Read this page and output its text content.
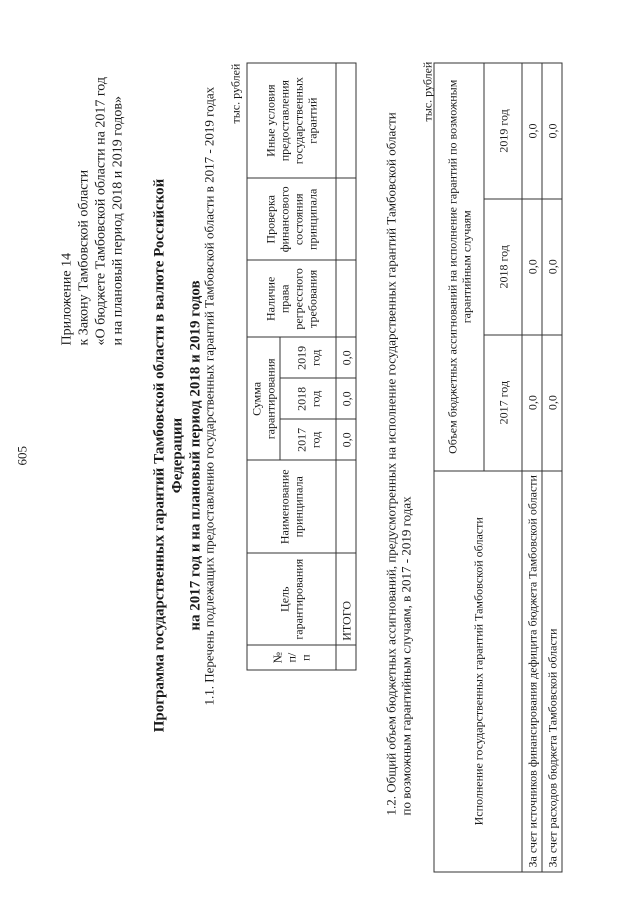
605
Приложение 14 к Закону Тамбовской области «О бюджете Тамбовской области на 2017 год и на плановый период 2018 и 2019 годов» Программа государственных гарантий Тамбовской области в валюте Российской Федерации на 2017 год и на плановый период 2018 и 2019 годов
1.1. Перечень подлежащих предоставлению государственных гарантий Тамбовской области в 2017 - 2019 годах тыс. рублей
№ п/п	Цель гарантирования	Наименование принципала	Сумма гарантирования			Наличие права регрессного требования	Проверка финансового состояния принципала	Иные условия предоставления государственных гарантий
			2017 год	2018 год	2019 год			
	ИТОГО		0,0	0,0	0,0			1.2. Общий объем бюджетных ассигнований, предусмотренных на исполнение государственных гарантий Тамбовской области по возможным гарантийным случаям, в 2017 - 2019 годах
тыс. рублей
Исполнение государственных гарантий Тамбовской области	Объем бюджетных ассигнований на исполнение гарантий по возможным гарантийным случаям		
	2017 год	2018 год	2019 год
За счет источников финансирования дефицита бюджета Тамбовской области	0,0	0,0	0,0
За счет расходов бюджета Тамбовской области	0,0	0,0	0,0
